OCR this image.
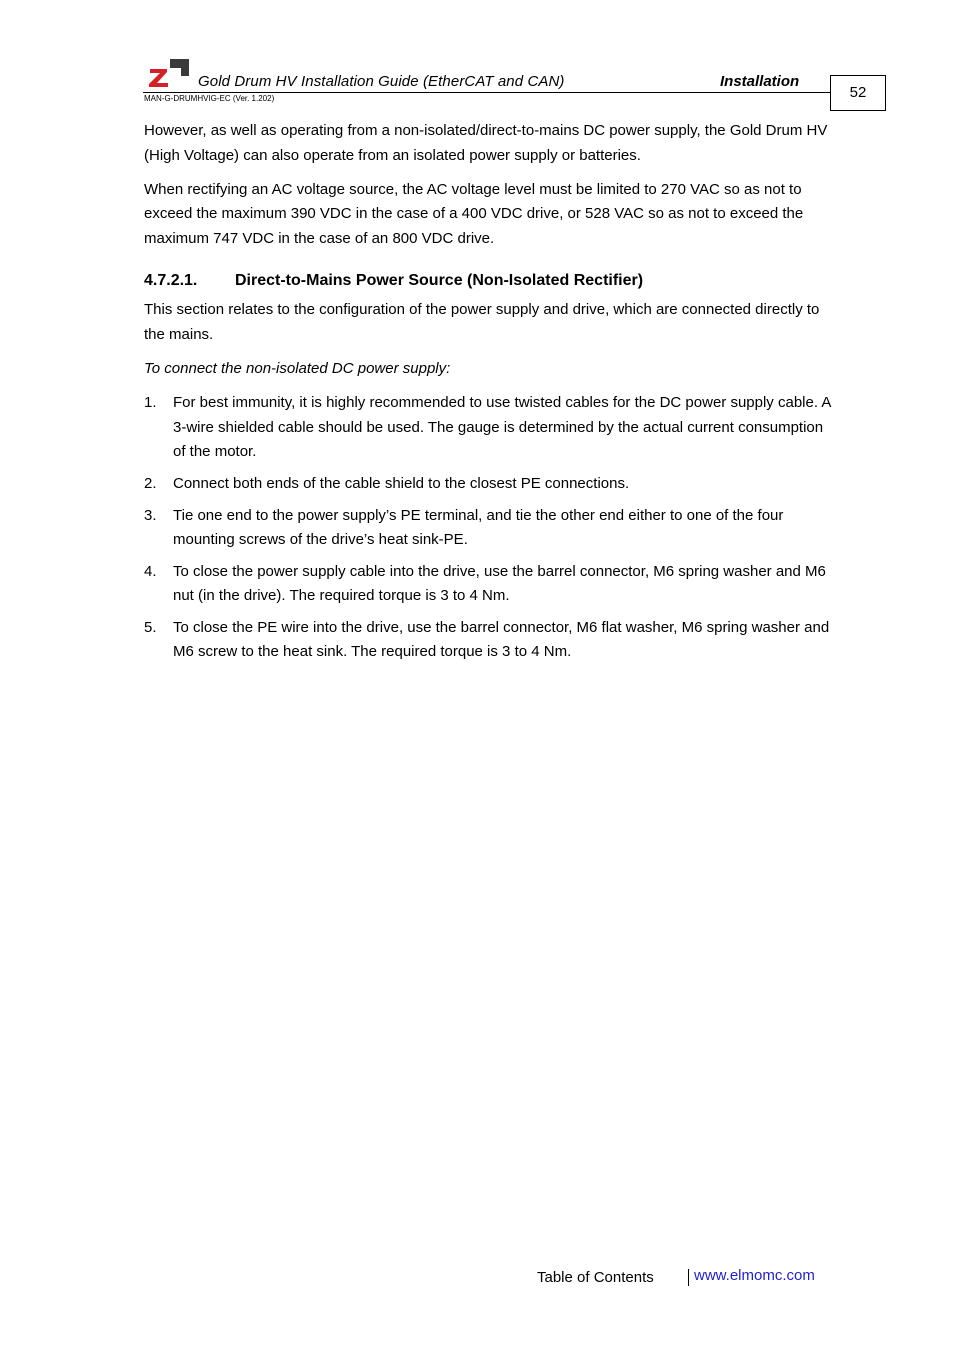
Gold Drum HV Installation Guide (EtherCAT and CAN)	Installation
MAN-G-DRUMHVIG-EC (Ver. 1.202)	52

However, as well as operating from a non-isolated/direct-to-mains DC power supply, the Gold Drum HV (High Voltage) can also operate from an isolated power supply or batteries.

When rectifying an AC voltage source, the AC voltage level must be limited to 270 VAC so as not to exceed the maximum 390 VDC in the case of a 400 VDC drive, or 528 VAC so as not to exceed the maximum 747 VDC in the case of an 800 VDC drive.

4.7.2.1.	Direct-to-Mains Power Source (Non-Isolated Rectifier)

This section relates to the configuration of the power supply and drive, which are connected directly to the mains.

To connect the non-isolated DC power supply:

1.	For best immunity, it is highly recommended to use twisted cables for the DC power supply cable. A 3-wire shielded cable should be used. The gauge is determined by the actual current consumption of the motor.
2.	Connect both ends of the cable shield to the closest PE connections.
3.	Tie one end to the power supply’s PE terminal, and tie the other end either to one of the four mounting screws of the drive’s heat sink-PE.
4.	To close the power supply cable into the drive, use the barrel connector, M6 spring washer and M6 nut (in the drive). The required torque is 3 to 4 Nm.
5.	To close the PE wire into the drive, use the barrel connector, M6 flat washer, M6 spring washer and M6 screw to the heat sink. The required torque is 3 to 4 Nm.
Table of Contents	www.elmomc.com
